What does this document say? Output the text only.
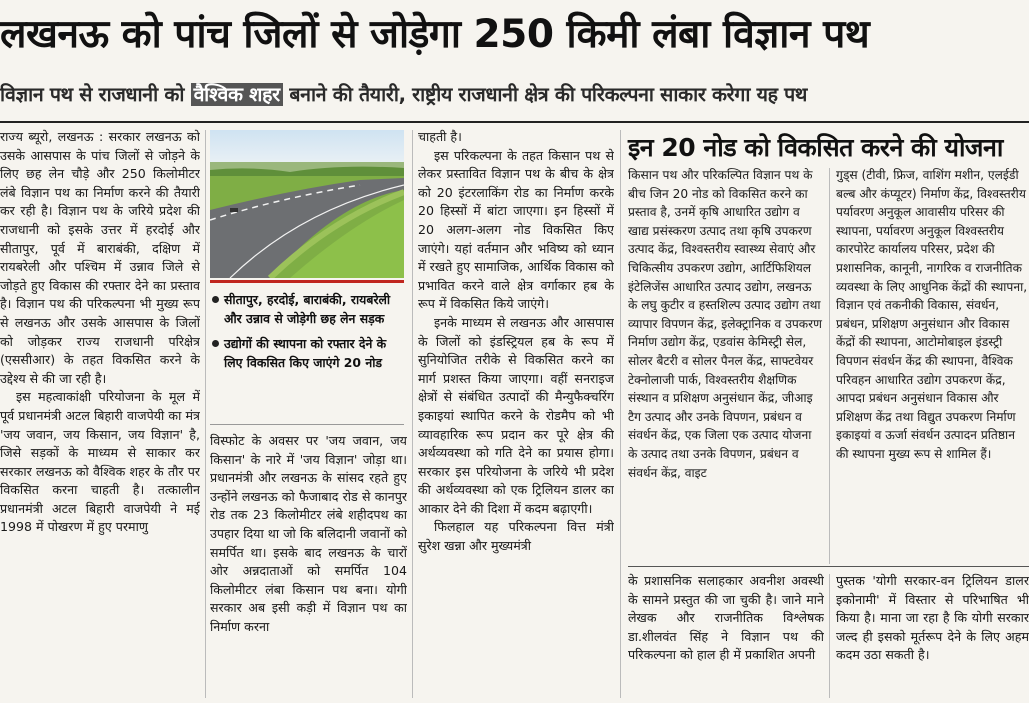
लखनऊ को पांच जिलों से जोड़ेगा 250 किमी लंबा विज्ञान पथ
विज्ञान पथ से राजधानी को वैश्विक शहर बनाने की तैयारी, राष्ट्रीय राजधानी क्षेत्र की परिकल्पना साकार करेगा यह पथ

राज्य ब्यूरो, लखनऊ : सरकार लखनऊ को उसके आसपास के पांच जिलों से जोड़ने के लिए छह लेन चौड़े और 250 किलोमीटर लंबे विज्ञान पथ का निर्माण करने की तैयारी कर रही है। विज्ञान पथ के जरिये प्रदेश की राजधानी को इसके उत्तर में हरदोई और सीतापुर, पूर्व में बाराबंकी, दक्षिण में रायबरेली और पश्चिम में उन्नाव जिले से जोड़ते हुए विकास की रफ्तार देने का प्रस्ताव है। विज्ञान पथ की परिकल्पना भी मुख्य रूप से लखनऊ और उसके आसपास के जिलों को जोड़कर राज्य राजधानी परिक्षेत्र (एससीआर) के तहत विकसित करने के उद्देश्य से की जा रही है।

इस महत्वाकांक्षी परियोजना के मूल में पूर्व प्रधानमंत्री अटल बिहारी वाजपेयी का मंत्र 'जय जवान, जय किसान, जय विज्ञान' है, जिसे सड़कों के माध्यम से साकार कर सरकार लखनऊ को वैश्विक शहर के तौर पर विकसित करना चाहती है। तत्कालीन प्रधानमंत्री अटल बिहारी वाजपेयी ने मई 1998 में पोखरण में हुए परमाणु

सीतापुर, हरदोई, बाराबंकी, रायबरेली और उन्नाव से जोड़ेगी छह लेन सड़क
उद्योगों की स्थापना को रफ्तार देने के लिए विकसित किए जाएंगे 20 नोड

विस्फोट के अवसर पर 'जय जवान, जय किसान' के नारे में 'जय विज्ञान' जोड़ा था। प्रधानमंत्री और लखनऊ के सांसद रहते हुए उन्होंने लखनऊ को फैजाबाद रोड से कानपुर रोड तक 23 किलोमीटर लंबे शहीदपथ का उपहार दिया था जो कि बलिदानी जवानों को समर्पित था। इसके बाद लखनऊ के चारों ओर अन्नदाताओं को समर्पित 104 किलोमीटर लंबा किसान पथ बना। योगी सरकार अब इसी कड़ी में विज्ञान पथ का निर्माण करना

चाहती है।

इस परिकल्पना के तहत किसान पथ से लेकर प्रस्तावित विज्ञान पथ के बीच के क्षेत्र को 20 इंटरलाकिंग रोड का निर्माण करके 20 हिस्सों में बांटा जाएगा। इन हिस्सों में 20 अलग-अलग नोड विकसित किए जाएंगे। यहां वर्तमान और भविष्य को ध्यान में रखते हुए सामाजिक, आर्थिक विकास को प्रभावित करने वाले क्षेत्र वर्गाकार हब के रूप में विकसित किये जाएंगे।

इनके माध्यम से लखनऊ और आसपास के जिलों को इंडस्ट्रियल हब के रूप में सुनियोजित तरीके से विकसित करने का मार्ग प्रशस्त किया जाएगा। वहीं सनराइज क्षेत्रों से संबंधित उत्पादों की मैन्युफैक्चरिंग इकाइयां स्थापित करने के रोडमैप को भी व्यावहारिक रूप प्रदान कर पूरे क्षेत्र की अर्थव्यवस्था को गति देने का प्रयास होगा। सरकार इस परियोजना के जरिये भी प्रदेश की अर्थव्यवस्था को एक ट्रिलियन डालर का आकार देने की दिशा में कदम बढ़ाएगी।

फिलहाल यह परिकल्पना वित्त मंत्री सुरेश खन्ना और मुख्यमंत्री

इन 20 नोड को विकसित करने की योजना
किसान पथ और परिकल्पित विज्ञान पथ के बीच जिन 20 नोड को विकसित करने का प्रस्ताव है, उनमें कृषि आधारित उद्योग व खाद्य प्रसंस्करण उत्पाद तथा कृषि उपकरण उत्पाद केंद्र, विश्वस्तरीय स्वास्थ्य सेवाएं और चिकित्सीय उपकरण उद्योग, आर्टिफिशियल इंटेलिजेंस आधारित उत्पाद उद्योग, लखनऊ के लघु कुटीर व हस्तशिल्प उत्पाद उद्योग तथा व्यापार विपणन केंद्र, इलेक्ट्रानिक व उपकरण निर्माण उद्योग केंद्र, एडवांस केमिस्ट्री सेल, सोलर बैटरी व सोलर पैनल केंद्र, साफ्टवेयर टेक्नोलाजी पार्क, विश्वस्तरीय शैक्षणिक संस्थान व प्रशिक्षण अनुसंधान केंद्र, जीआइ टैग उत्पाद और उनके विपणन, प्रबंधन व संवर्धन केंद्र, एक जिला एक उत्पाद योजना के उत्पाद तथा उनके विपणन, प्रबंधन व संवर्धन केंद्र, वाइट
गुड्स (टीवी, फ्रिज, वाशिंग मशीन, एलईडी बल्ब और कंप्यूटर) निर्माण केंद्र, विश्वस्तरीय पर्यावरण अनुकूल आवासीय परिसर की स्थापना, पर्यावरण अनुकूल विश्वस्तरीय कारपोरेट कार्यालय परिसर, प्रदेश की प्रशासनिक, कानूनी, नागरिक व राजनीतिक व्यवस्था के लिए आधुनिक केंद्रों की स्थापना, विज्ञान एवं तकनीकी विकास, संवर्धन, प्रबंधन, प्रशिक्षण अनुसंधान और विकास केंद्रों की स्थापना, आटोमोबाइल इंडस्ट्री विपणन संवर्धन केंद्र की स्थापना, वैश्विक परिवहन आधारित उद्योग उपकरण केंद्र, आपदा प्रबंधन अनुसंधान विकास और प्रशिक्षण केंद्र तथा विद्युत उपकरण निर्माण इकाइयां व ऊर्जा संवर्धन उत्पादन प्रतिष्ठान की स्थापना मुख्य रूप से शामिल हैं।

के प्रशासनिक सलाहकार अवनीश अवस्थी के सामने प्रस्तुत की जा चुकी है। जाने माने लेखक और राजनीतिक विश्लेषक डा.शीलवंत सिंह ने विज्ञान पथ की परिकल्पना को हाल ही में प्रकाशित अपनी

पुस्तक 'योगी सरकार-वन ट्रिलियन डालर इकोनामी' में विस्तार से परिभाषित भी किया है। माना जा रहा है कि योगी सरकार जल्द ही इसको मूर्तरूप देने के लिए अहम कदम उठा सकती है।
